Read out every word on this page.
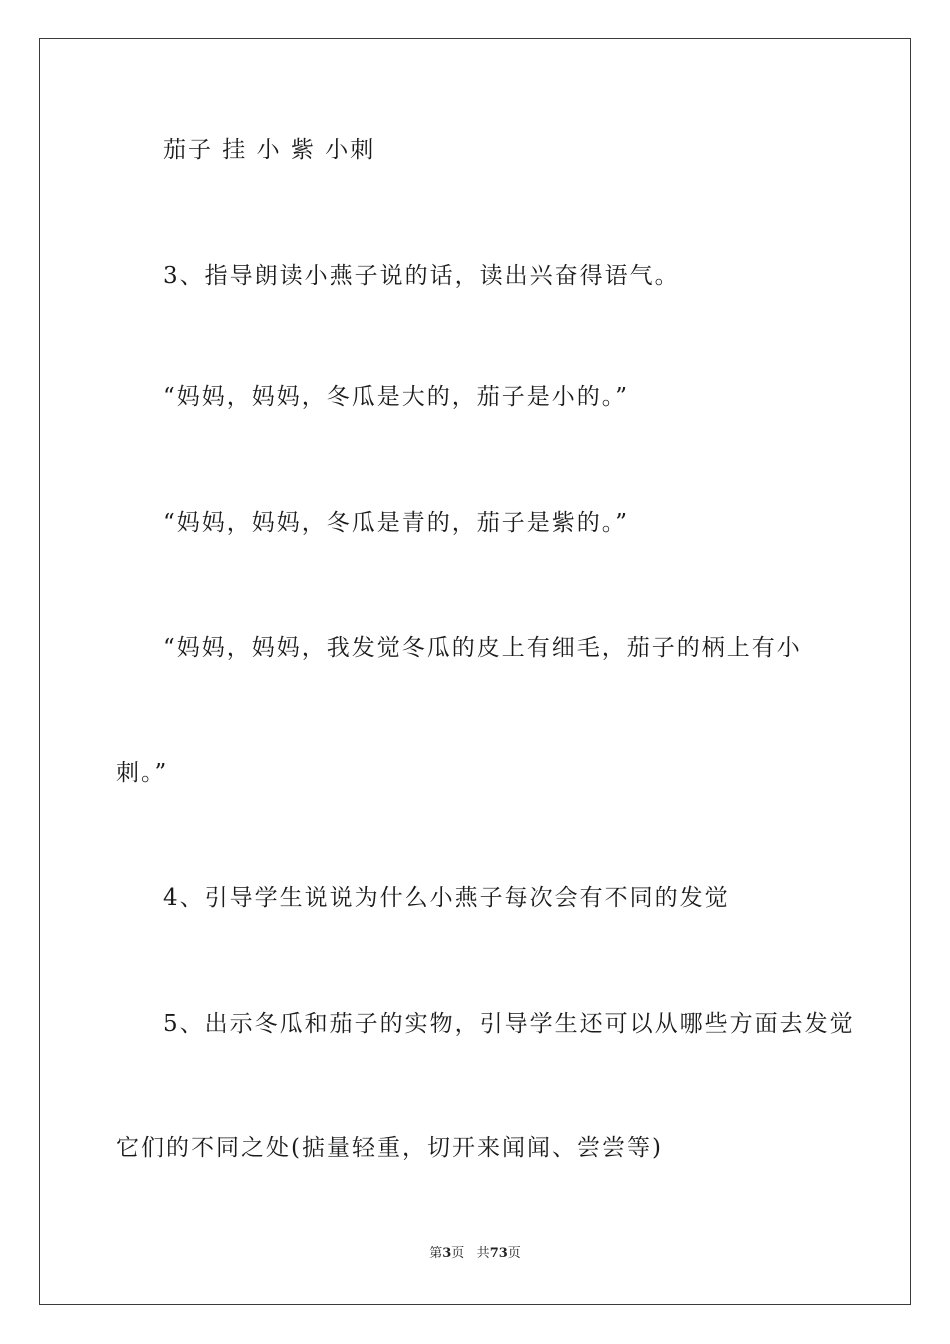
茄子 挂 小 紫 小刺
3、指导朗读小燕子说的话，读出兴奋得语气。
“妈妈，妈妈，冬瓜是大的，茄子是小的。”
“妈妈，妈妈，冬瓜是青的，茄子是紫的。”
“妈妈，妈妈，我发觉冬瓜的皮上有细毛，茄子的柄上有小
刺。”
4、引导学生说说为什么小燕子每次会有不同的发觉
5、出示冬瓜和茄子的实物，引导学生还可以从哪些方面去发觉
它们的不同之处(掂量轻重，切开来闻闻、尝尝等)
第3页 共73页
